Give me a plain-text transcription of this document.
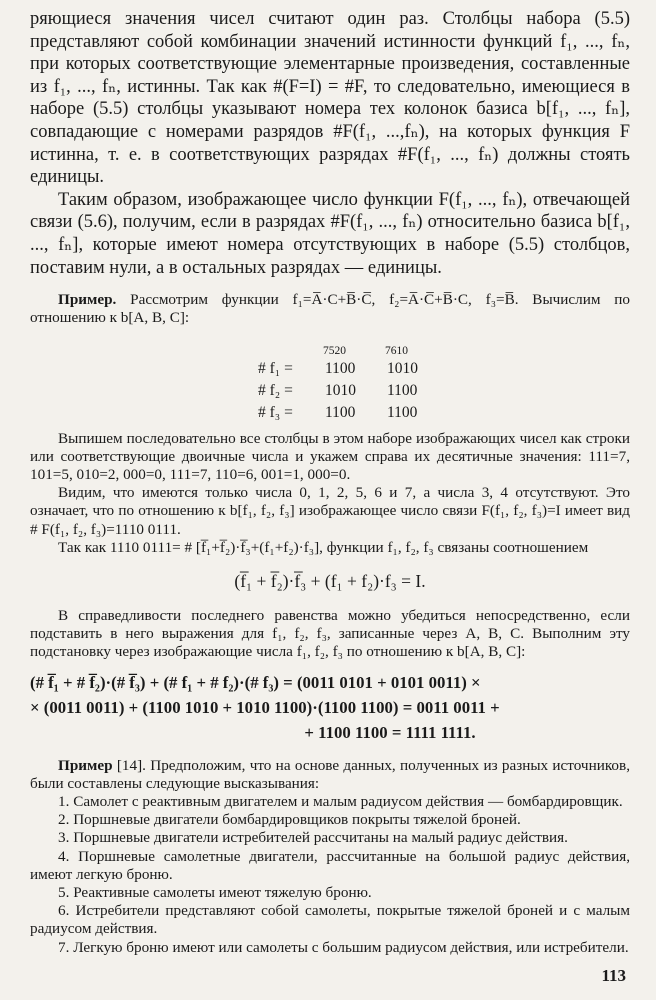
ряющиеся значения чисел считают один раз. Столбцы набора (5.5) представляют собой комбинации значений истинности функций f₁, ..., fₙ, при которых соответствующие элементарные произведения, составленные из f₁, ..., fₙ, истинны. Так как #(F=I) = #F, то следовательно, имеющиеся в наборе (5.5) столбцы указывают номера тех колонок базиса b[f₁, ..., fₙ], совпадающие с номерами разрядов #F(f₁, ...,fₙ), на которых функция F истинна, т. е. в соответствующих разрядах #F(f₁, ..., fₙ) должны стоять единицы.

Таким образом, изображающее число функции F(f₁, ..., fₙ), отвечающей связи (5.6), получим, если в разрядах #F(f₁, ..., fₙ) относительно базиса b[f₁, ..., fₙ], которые имеют номера отсутствующих в наборе (5.5) столбцов, поставим нули, а в остальных разрядах — единицы.

Пример. Рассмотрим функции f₁=A̅·C+B̅·C̅, f₂=A̅·C̅+B̅·C, f₃=B̅. Вычислим по отношению к b[A, B, C]:

7520	7610
# f₁ = 1100 1010
# f₂ = 1010 1100
# f₃ = 1100 1100

Выпишем последовательно все столбцы в этом наборе изображающих чисел как строки или соответствующие двоичные числа и укажем справа их десятичные значения: 111=7, 101=5, 010=2, 000=0, 111=7, 110=6, 001=1, 000=0.

Видим, что имеются только числа 0, 1, 2, 5, 6 и 7, а числа 3, 4 отсутствуют. Это означает, что по отношению к b[f₁, f₂, f₃] изображающее число связи F(f₁, f₂, f₃)=I имеет вид # F(f₁, f₂, f₃)=1110 0111.

Так как 1110 0111= # [f̅₁+f̅₂)·f̅₃+(f₁+f₂)·f₃], функции f₁, f₂, f₃ связаны соотношением

(f̅₁ + f̅₂)·f̅₃ + (f₁ + f₂)·f₃ = I.

В справедливости последнего равенства можно убедиться непосредственно, если подставить в него выражения для f₁, f₂, f₃, записанные через A, B, C. Выполним эту подстановку через изображающие числа f₁, f₂, f₃ по отношению к b[A, B, C]:

(# f̅₁ + # f̅₂)·(# f̅₃) + (# f₁ + # f₂)·(# f₃) = (0011 0101 + 0101 0011) ×
× (0011 0011) + (1100 1010 + 1010 1100)·(1100 1100) = 0011 0011 +
+ 1100 1100 = 1111 1111.

Пример [14]. Предположим, что на основе данных, полученных из разных источников, были составлены следующие высказывания:

1. Самолет с реактивным двигателем и малым радиусом действия — бомбардировщик.

2. Поршневые двигатели бомбардировщиков покрыты тяжелой броней.

3. Поршневые двигатели истребителей рассчитаны на малый радиус действия.

4. Поршневые самолетные двигатели, рассчитанные на большой радиус действия, имеют легкую броню.

5. Реактивные самолеты имеют тяжелую броню.

6. Истребители представляют собой самолеты, покрытые тяжелой броней и с малым радиусом действия.

7. Легкую броню имеют или самолеты с большим радиусом действия, или истребители.

113
